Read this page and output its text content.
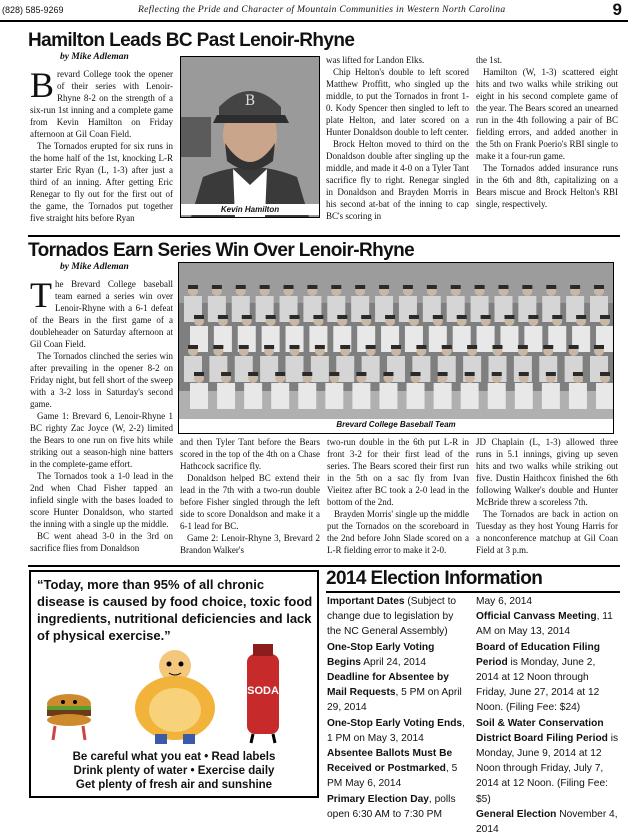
(828) 585-9269	Reflecting the Pride and Character of Mountain Communities in Western North Carolina	9
Hamilton Leads BC Past Lenoir-Rhyne
by Mike Adleman

Brevard College took the opener of their series with Lenoir-Rhyne 8-2 on the strength of a six-run 1st inning and a complete game from Kevin Hamilton on Friday afternoon at Gil Coan Field.

The Tornados erupted for six runs in the home half of the 1st, knocking L-R starter Eric Ryan (L, 1-3) after just a third of an inning. After getting Eric Renegar to fly out for the first out of the game, the Tornados put together five straight hits before Ryan

B
Kevin Hamilton

was lifted for Landon Elks.

Chip Helton's double to left scored Matthew Proffitt, who singled up the middle, to put the Tornados in front 1-0. Kody Spencer then singled to left to plate Helton, and later scored on a Hunter Donaldson double to left center.

Brock Helton moved to third on the Donaldson double after singling up the middle, and made it 4-0 on a Tyler Tant sacrifice fly to right. Renegar singled in Donaldson and Brayden Morris in his second at-bat of the inning to cap BC's scoring in

the 1st.

Hamilton (W, 1-3) scattered eight hits and two walks while striking out eight in his second complete game of the year. The Bears scored an unearned run in the 4th following a pair of BC fielding errors, and added another in the 5th on Frank Poerio's RBI single to make it a four-run game.

The Tornados added insurance runs in the 6th and 8th, capitalizing on a Bears miscue and Brock Helton's RBI single, respectively.

Tornados Earn Series Win Over Lenoir-Rhyne
by Mike Adleman

The Brevard College baseball team earned a series win over Lenoir-Rhyne with a 6-1 defeat of the Bears in the first game of a doubleheader on Saturday afternoon at Gil Coan Field.

The Tornados clinched the series win after prevailing in the opener 8-2 on Friday night, but fell short of the sweep with a 3-2 loss in Saturday's second game.

Game 1: Brevard 6, Lenoir-Rhyne 1 BC righty Zac Joyce (W, 2-2) limited the Bears to one run on five hits while striking out a season-high nine batters in the complete-game effort.

The Tornados took a 1-0 lead in the 2nd when Chad Fisher tapped an infield single with the bases loaded to score Hunter Donaldson, who started the inning with a single up the middle.

BC went ahead 3-0 in the 3rd on sacrifice flies from Donaldson

Brevard College Baseball Team

and then Tyler Tant before the Bears scored in the top of the 4th on a Chase Hathcock sacrifice fly.

Donaldson helped BC extend their lead in the 7th with a two-run double before Fisher singled through the left side to score Donaldson and make it a 6-1 lead for BC.

Game 2: Lenoir-Rhyne 3, Brevard 2 Brandon Walker's

two-run double in the 6th put L-R in front 3-2 for their first lead of the series. The Bears scored their first run in the 5th on a sac fly from Ivan Vieitez after BC took a 2-0 lead in the bottom of the 2nd.

Brayden Morris' single up the middle put the Tornados on the scoreboard in the 2nd before John Slade scored on a L-R fielding error to make it 2-0.

JD Chaplain (L, 1-3) allowed three runs in 5.1 innings, giving up seven hits and two walks while striking out five. Dustin Haithcox finished the 6th following Walker's double and Hunter McBride threw a scoreless 7th.

The Tornados are back in action on Tuesday as they host Young Harris for a nonconference matchup at Gil Coan Field at 3 p.m.

“Today, more than 95% of all chronic disease is caused by food choice, toxic food ingredients, nutritional deficiencies and lack of physical exercise.”
SODA
Be careful what you eat • Read labels
Drink plenty of water • Exercise daily
Get plenty of fresh air and sunshine
2014 Election Information
Important Dates (Subject to change due to legislation by the NC General Assembly)
One-Stop Early Voting Begins April 24, 2014
Deadline for Absentee by Mail Requests, 5 PM on April 29, 2014
One-Stop Early Voting Ends, 1 PM on May 3, 2014
Absentee Ballots Must Be Received or Postmarked, 5 PM May 6, 2014
Primary Election Day, polls open 6:30 AM to 7:30 PM
May 6, 2014
Official Canvass Meeting, 11 AM on May 13, 2014
Board of Education Filing Period is Monday, June 2, 2014 at 12 Noon through Friday, June 27, 2014 at 12 Noon. (Filing Fee: $24)
Soil & Water Conservation District Board Filing Period is Monday, June 9, 2014 at 12 Noon through Friday, July 7, 2014 at 12 Noon. (Filing Fee: $5)
General Election November 4, 2014
